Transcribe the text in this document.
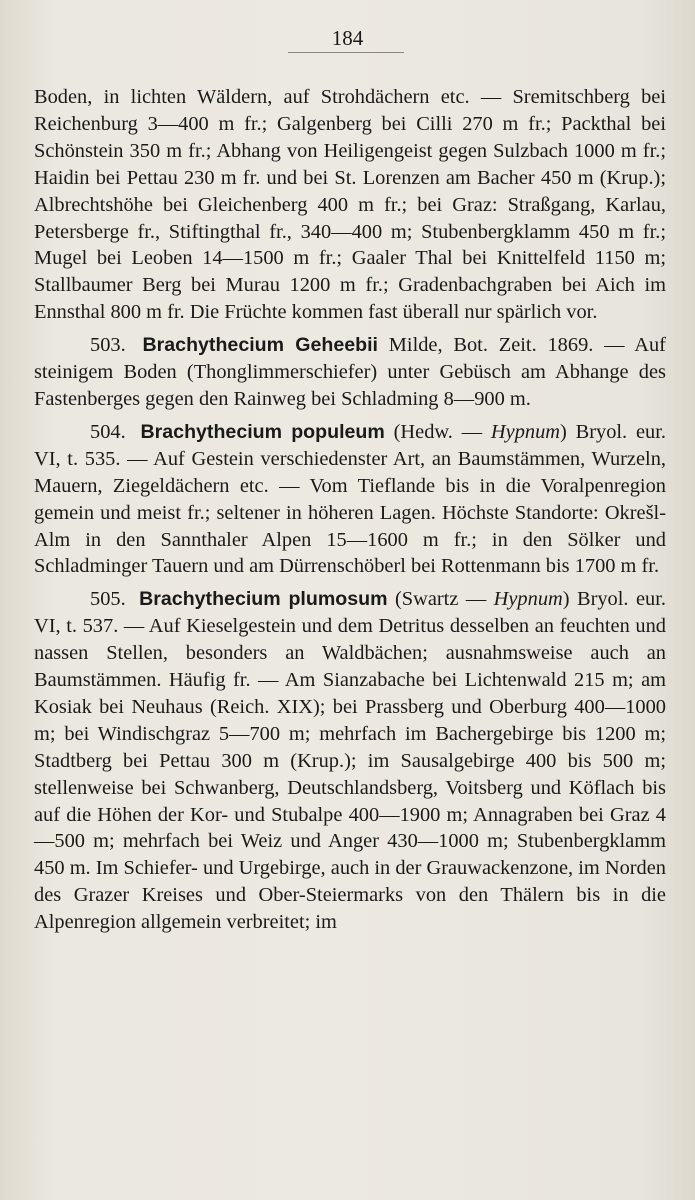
184

Boden, in lichten Wäldern, auf Strohdächern etc. — Sremitschberg bei Reichenburg 3—400 m fr.; Galgenberg bei Cilli 270 m fr.; Packthal bei Schönstein 350 m fr.; Abhang von Heiligengeist gegen Sulzbach 1000 m fr.; Haidin bei Pettau 230 m fr. und bei St. Lorenzen am Bacher 450 m (Krup.); Albrechtshöhe bei Gleichenberg 400 m fr.; bei Graz: Straßgang, Karlau, Petersberge fr., Stiftingthal fr., 340—400 m; Stubenbergklamm 450 m fr.; Mugel bei Leoben 14—1500 m fr.; Gaaler Thal bei Knittelfeld 1150 m; Stallbaumer Berg bei Murau 1200 m fr.; Gradenbachgraben bei Aich im Ennsthal 800 m fr. Die Früchte kommen fast überall nur spärlich vor.

503. Brachythecium Geheebii Milde, Bot. Zeit. 1869. — Auf steinigem Boden (Thonglimmerschiefer) unter Gebüsch am Abhange des Fastenberges gegen den Rainweg bei Schladming 8—900 m.

504. Brachythecium populeum (Hedw. — Hypnum) Bryol. eur. VI, t. 535. — Auf Gestein verschiedenster Art, an Baumstämmen, Wurzeln, Mauern, Ziegeldächern etc. — Vom Tieflande bis in die Voralpenregion gemein und meist fr.; seltener in höheren Lagen. Höchste Standorte: Okrešl-Alm in den Sannthaler Alpen 15—1600 m fr.; in den Sölker und Schladminger Tauern und am Dürrenschöberl bei Rottenmann bis 1700 m fr.

505. Brachythecium plumosum (Swartz — Hypnum) Bryol. eur. VI, t. 537. — Auf Kieselgestein und dem Detritus desselben an feuchten und nassen Stellen, besonders an Waldbächen; ausnahmsweise auch an Baumstämmen. Häufig fr. — Am Sianzabache bei Lichtenwald 215 m; am Kosiak bei Neuhaus (Reich. XIX); bei Prassberg und Oberburg 400—1000 m; bei Windischgraz 5—700 m; mehrfach im Bachergebirge bis 1200 m; Stadtberg bei Pettau 300 m (Krup.); im Sausalgebirge 400 bis 500 m; stellenweise bei Schwanberg, Deutschlandsberg, Voitsberg und Köflach bis auf die Höhen der Kor- und Stubalpe 400—1900 m; Annagraben bei Graz 4—500 m; mehrfach bei Weiz und Anger 430—1000 m; Stubenbergklamm 450 m. Im Schiefer- und Urgebirge, auch in der Grauwackenzone, im Norden des Grazer Kreises und Ober-Steiermarks von den Thälern bis in die Alpenregion allgemein verbreitet; im
